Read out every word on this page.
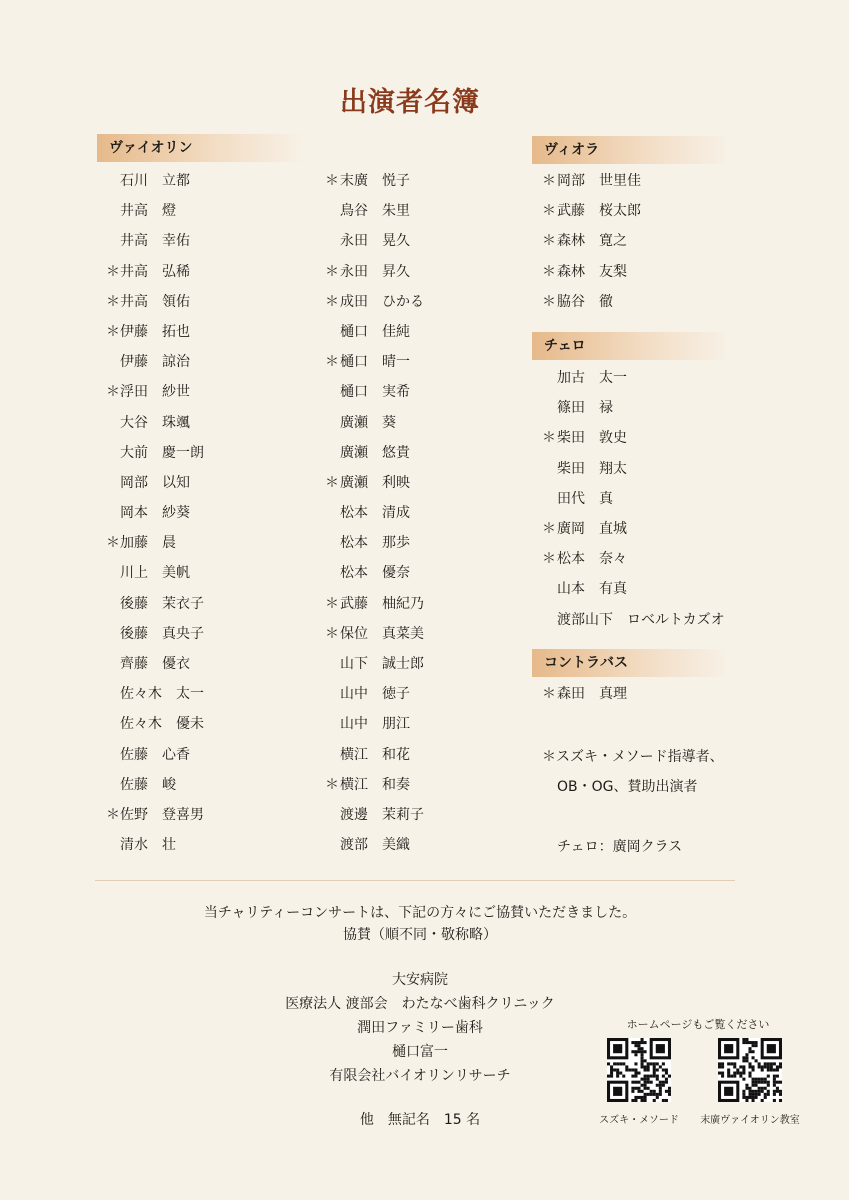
出演者名簿
ヴァイオリン	ヴィオラ
チェロ
コントラバス
石川　立都
井高　燈
井高　幸佑
＊ 井高　弘稀
＊ 井高　領佑
＊ 伊藤　拓也
伊藤　諒治
＊ 浮田　紗世
大谷　珠颯
大前　慶一朗
岡部　以知
岡本　紗葵
＊ 加藤　晨
川上　美帆
後藤　茉衣子
後藤　真央子
齊藤　優衣
佐々木　太一
佐々木　優未
佐藤　心香
佐藤　峻
＊ 佐野　登喜男
清水　壮
＊ 末廣　悦子
鳥谷　朱里
永田　晃久
＊ 永田　昇久
＊ 成田　ひかる
樋口　佳純
＊ 樋口　晴一
樋口　実希
廣瀬　葵
廣瀬　悠貴
＊ 廣瀬　利映
松本　清成
松本　那歩
松本　優奈
＊ 武藤　柚紀乃
＊ 保位　真菜美
山下　誠士郎
山中　徳子
山中　朋江
横江　和花
＊ 横江　和奏
渡邊　茉莉子
渡部　美織
＊ 岡部　世里佳
＊ 武藤　桜太郎
＊ 森林　寛之
＊ 森林　友梨
＊ 脇谷　徹
加古　太一
篠田　禄
＊ 柴田　敦史
柴田　翔太
田代　真
＊ 廣岡　直城
＊ 松本　奈々
山本　有真
渡部山下　ロベルトカズオ
＊ 森田　真理
＊スズキ・メソード指導者、
OB・OG、賛助出演者
チェロ：廣岡クラス
当チャリティーコンサートは、下記の方々にご協賛いただきました。
協賛（順不同・敬称略）
大安病院
医療法人 渡部会　わたなべ歯科クリニック
潤田ファミリー歯科
樋口富一
有限会社バイオリンリサーチ
他　無記名　15 名
ホームページもご覧ください
スズキ・メソード	末廣ヴァイオリン教室
